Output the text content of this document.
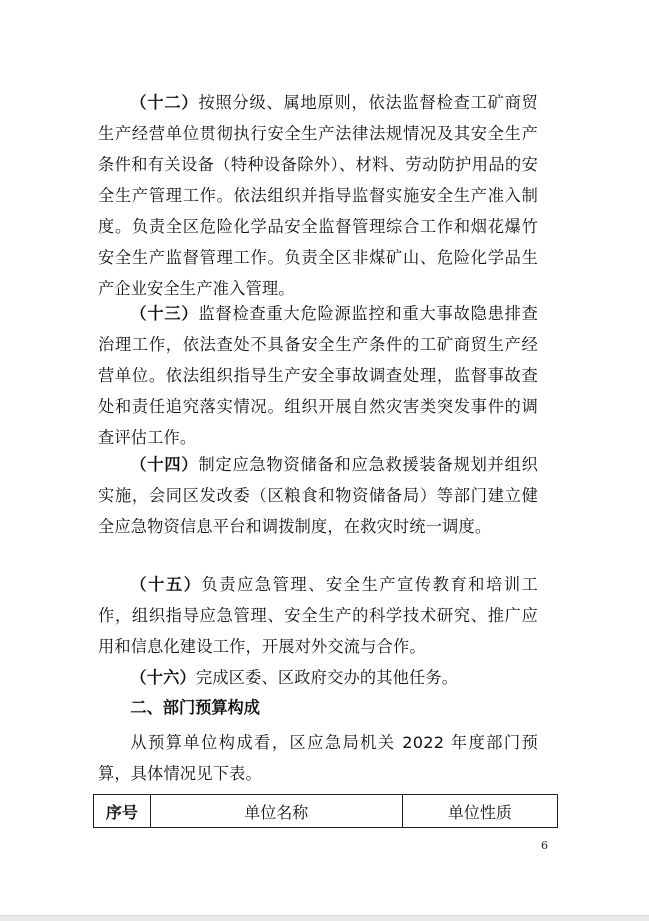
（十二）按照分级、属地原则，依法监督检查工矿商贸生产经营单位贯彻执行安全生产法律法规情况及其安全生产条件和有关设备（特种设备除外）、材料、劳动防护用品的安全生产管理工作。依法组织并指导监督实施安全生产准入制度。负责全区危险化学品安全监督管理综合工作和烟花爆竹安全生产监督管理工作。负责全区非煤矿山、危险化学品生产企业安全生产准入管理。

（十三）监督检查重大危险源监控和重大事故隐患排查治理工作，依法查处不具备安全生产条件的工矿商贸生产经营单位。依法组织指导生产安全事故调查处理，监督事故查处和责任追究落实情况。组织开展自然灾害类突发事件的调查评估工作。

（十四）制定应急物资储备和应急救援装备规划并组织实施，会同区发改委（区粮食和物资储备局）等部门建立健全应急物资信息平台和调拨制度，在救灾时统一调度。

（十五）负责应急管理、安全生产宣传教育和培训工作，组织指导应急管理、安全生产的科学技术研究、推广应用和信息化建设工作，开展对外交流与合作。

（十六）完成区委、区政府交办的其他任务。

二、部门预算构成

从预算单位构成看，区应急局机关 2022 年度部门预算，具体情况见下表。

序号	单位名称	单位性质
6
